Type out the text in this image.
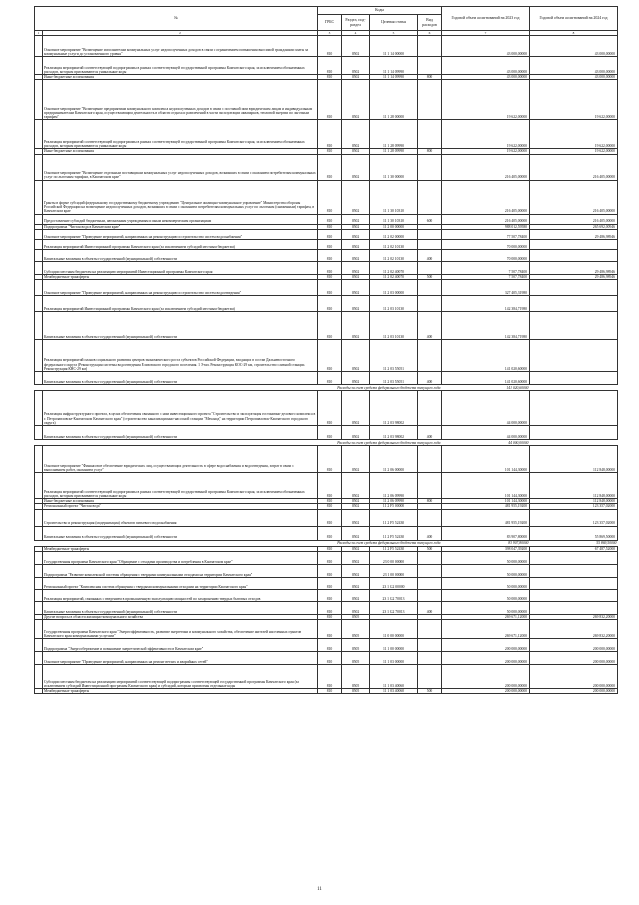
№		Коды				Годовой объем ассигнований на 2023 год	Годовой объем ассигнований на 2024 год
		ГРБС	Раздел, под- раздел	Целевая статья	Вид расходов		
1	2	3	4	5	6	7	8
	Основное мероприятие "Возмещение исполнителям коммунальных услуг недополученных доходов в связи с ограничением повышения вносимой гражданами платы за коммунальные услуги до установленного уровня"	810	0502	11 1 14 00000		43 000,00000	43 000,00000
	Реализация мероприятий соответствующей подпрограммы в рамках соответствующей государственной программы Камчатского края, за исключением обозначенных расходов, которым присваиваются уникальные коды	810	0502	11 1 14 09990		43 000,00000	43 000,00000
	Иные бюджетные ассигнования	810	0502	11 1 14 09990	800	43 000,00000	43 000,00000
	Основное мероприятие "Возмещение предприятиям коммунального комплекса недополученных доходов в связи с поставкой ими юридическим лицам и индивидуальным предпринимателям Камчатского края, осуществляющим деятельность в области отдыха и развлечений в части эксплуатации аквапарков, тепловой энергии по льготным тарифам"	810	0502	11 1 28 00000		19 622,00000	19 622,00000
	Реализация мероприятий соответствующей подпрограммы в рамках соответствующей государственной программы Камчатского края, за исключением обозначенных расходов, которым присваиваются уникальные коды	810	0502	11 1 28 09990		19 622,00000	19 622,00000
	Иные бюджетные ассигнования	810	0502	11 1 28 09990	800	19 622,00000	19 622,00000
	Основное мероприятие "Возмещение отдельным поставщикам коммунальных услуг недополученных доходов, возникших в связи с оказанием потребителям коммунальных услуг по льготным тарифам, в Камчатском крае"	810	0502	11 1 30 00000		216 405,00000	216 405,00000
	Гранты в форме субсидий федеральному государственному бюджетному учреждению "Центральное жилищно-коммунальное управление" Министерства обороны Российской Федерации на возмещение недополученных доходов, возникших в связи с оказанием потребителям коммунальных услуг по льготным (сниженным) тарифам, в Камчатском крае	810	0502	11 1 30 10310		216 405,00000	216 405,00000
	Предоставление субсидий бюджетным, автономным учреждениям и иным некоммерческим организациям	810	0502	11 1 30 10310	600	216 405,00000	216 405,00000
	Подпрограмма "Чистая вода в Камчатском крае"	810	0502	11 2 00 00000		988 012,59580	265 692,00946
	Основное мероприятие "Проведение мероприятий, направленных на реконструкцию и строительство систем водоснабжения"	810	0502	11 2 02 00000		77 507,78400	29 486,98946
	Реализация мероприятий Инвестиционной программы Камчатского края (за исключением субсидий местным бюджетам)	810	0502	11 2 02 10130		70 000,00000	
	Капитальные вложения в объекты государственной (муниципальной) собственности	810	0502	11 2 02 10130	400	70 000,00000	
	Субсидии местным бюджетам на реализацию мероприятий Инвестиционной программы Камчатского края	810	0502	11 2 02 40070		7 507,78400	29 486,98946
	Межбюджетные трансферты	810	0502	11 2 02 40070	500	7 507,78400	29 486,98946
	Основное мероприятие "Проведение мероприятий, направленных на реконструкцию и строительство систем водоотведения"	810	0502	11 2 03 00000		327 405,31980	
	Реализация мероприятий Инвестиционной программы Камчатского края (за исключением субсидий местным бюджетам)	810	0502	11 2 03 10130		142 384,71980	
	Капитальные вложения в объекты государственной (муниципальной) собственности	810	0502	11 2 03 10130	400	142 384,71980	
	Реализация мероприятий планов социального развития центров экономического роста субъектов Российской Федерации, входящих в состав Дальневосточного федерального округа (Реконструкция системы водоотведения Елизовского городского поселения. 1 Этап. Реконструкция КОС-29 км, строительство сливной станции. Реконструкция КНС-29 км)	810	0502	11 2 03 55051		141 020,60000	
	Капитальные вложения в объекты государственной (муниципальной) собственности	810	0502	11 2 03 55051	400	141 020,60000	
	Расходы за счет средств федерального бюджета текущего года					141 020,60000	
	Реализация инфраструктурного проекта, в целях обеспечения связанного с ним инвестиционного проекта "Строительство и эксплуатация гостинично-делового комплекса в г. Петропавловске-Камчатском Камчатского края" (строительство канализационно-насосной станции "Механод" на территории Петропавловск-Камчатского городского округа)	810	0502	11 2 03 98002		44 000,00000	
	Капитальные вложения в объекты государственной (муниципальной) собственности	810	0502	11 2 03 98002	400	44 000,00000	
	Расходы за счет средств федерального бюджета текущего года					44 000,00000	
	Основное мероприятие "Финансовое обеспечение юридических лиц, осуществляющих деятельность в сфере водоснабжения и водоотведения, затрат в связи с выполнением работ, оказанием услуг"	810	0502	11 2 06 00000		101 144,30000	112 848,00000
	Реализация мероприятий соответствующей подпрограммы в рамках соответствующей государственной программы Камчатского края, за исключением обозначенных расходов, которым присваиваются уникальные коды	810	0502	11 2 06 09990		101 144,30000	112 848,00000
	Иные бюджетные ассигнования	810	0502	11 2 06 09990	800	101 144,30000	112 848,00000
	Региональный проект "Чистая вода"	810	0502	11 2 F5 00000		481 955,19200	123 357,02000
	Строительство и реконструкция (модернизация) объектов питьевого водоснабжения	810	0502	11 2 F5 52430		481 955,19200	123 357,02000
	Капитальные вложения в объекты государственной (муниципальной) собственности	810	0502	11 2 F5 52430	400	83 907,80000	55 869,50000
	Расходы за счет средств федерального бюджета текущего года					83 907,80000	55 869,50000
	Межбюджетные трансферты	810	0502	11 2 F5 52430	500	398 047,39200	67 487,52000
	Государственная программа Камчатского края "Обращение с отходами производства и потребления в Камчатском крае"	810	0502	23 0 00 00000		50 000,00000	
	Подпрограмма "Развитие комплексной системы обращения с твердыми коммунальными отходами на территории Камчатского края"	810	0502	23 1 00 00000		50 000,00000	
	Региональный проект "Комплексная система обращения с твердыми коммунальными отходами на территории Камчатского края"	810	0502	23 1 G2 00000		50 000,00000	
	Реализация мероприятий, связанных с введением в промышленную эксплуатацию мощностей по захоронению твердых бытовых отходов	810	0502	23 1 G2 70013		50 000,00000	
	Капитальные вложения в объекты государственной (муниципальной) собственности	810	0502	23 1 G2 70013	400	50 000,00000	
	Другие вопросы в области жилищно-коммунального хозяйства	810	0505			269 671,12000	269 832,20000
	Государственная программа Камчатского края "Энергоэффективность, развитие энергетики и коммунального хозяйства, обеспечение жителей населенных пунктов Камчатского края коммунальными услугами"	810	0505	11 0 00 00000		269 671,12000	269 832,20000
	Подпрограмма "Энергосбережение и повышение энергетической эффективности в Камчатском крае"	810	0505	11 1 00 00000		200 000,00000	200 000,00000
	Основное мероприятие "Проведение мероприятий, направленных на ремонт ветхих и аварийных сетей"	810	0505	11 1 03 00000		200 000,00000	200 000,00000
	Субсидии местным бюджетам на реализацию мероприятий соответствующей подпрограммы соответствующей государственной программы Камчатского края (за исключением субсидий Инвестиционной программы Камчатского края) и субсидий, которым присвоены отдельные коды	810	0505	11 1 03 40060		200 000,00000	200 000,00000
	Межбюджетные трансферты	810	0505	11 1 03 40060	500	200 000,00000	200 000,00000
11
